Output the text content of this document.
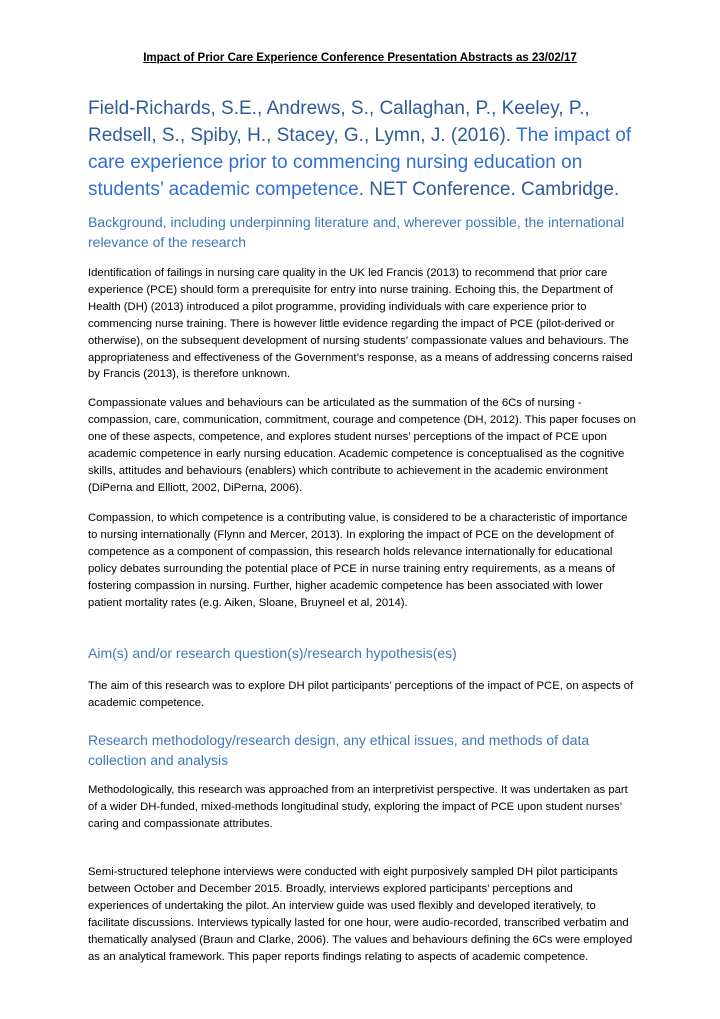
Impact of Prior Care Experience Conference Presentation Abstracts as 23/02/17
Field-Richards, S.E., Andrews, S., Callaghan, P., Keeley, P., Redsell, S., Spiby, H., Stacey, G., Lymn, J. (2016). The impact of care experience prior to commencing nursing education on students’ academic competence. NET Conference. Cambridge.
Background, including underpinning literature and, wherever possible, the international relevance of the research

Identification of failings in nursing care quality in the UK led Francis (2013) to recommend that prior care experience (PCE) should form a prerequisite for entry into nurse training. Echoing this, the Department of Health (DH) (2013) introduced a pilot programme, providing individuals with care experience prior to commencing nurse training. There is however little evidence regarding the impact of PCE (pilot-derived or otherwise), on the subsequent development of nursing students’ compassionate values and behaviours. The appropriateness and effectiveness of the Government’s response, as a means of addressing concerns raised by Francis (2013), is therefore unknown.

Compassionate values and behaviours can be articulated as the summation of the 6Cs of nursing - compassion, care, communication, commitment, courage and competence (DH, 2012). This paper focuses on one of these aspects, competence, and explores student nurses’ perceptions of the impact of PCE upon academic competence in early nursing education. Academic competence is conceptualised as the cognitive skills, attitudes and behaviours (enablers) which contribute to achievement in the academic environment (DiPerna and Elliott, 2002, DiPerna, 2006).

Compassion, to which competence is a contributing value, is considered to be a characteristic of importance to nursing internationally (Flynn and Mercer, 2013). In exploring the impact of PCE on the development of competence as a component of compassion, this research holds relevance internationally for educational policy debates surrounding the potential place of PCE in nurse training entry requirements, as a means of fostering compassion in nursing. Further, higher academic competence has been associated with lower patient mortality rates (e.g. Aiken, Sloane, Bruyneel et al, 2014).

Aim(s) and/or research question(s)/research hypothesis(es)

The aim of this research was to explore DH pilot participants’ perceptions of the impact of PCE, on aspects of academic competence.

Research methodology/research design, any ethical issues, and methods of data collection and analysis

Methodologically, this research was approached from an interpretivist perspective. It was undertaken as part of a wider DH-funded, mixed-methods longitudinal study, exploring the impact of PCE upon student nurses’ caring and compassionate attributes.

Semi-structured telephone interviews were conducted with eight purposively sampled DH pilot participants between October and December 2015. Broadly, interviews explored participants’ perceptions and experiences of undertaking the pilot. An interview guide was used flexibly and developed iteratively, to facilitate discussions. Interviews typically lasted for one hour, were audio-recorded, transcribed verbatim and thematically analysed (Braun and Clarke, 2006). The values and behaviours defining the 6Cs were employed as an analytical framework. This paper reports findings relating to aspects of academic competence.
